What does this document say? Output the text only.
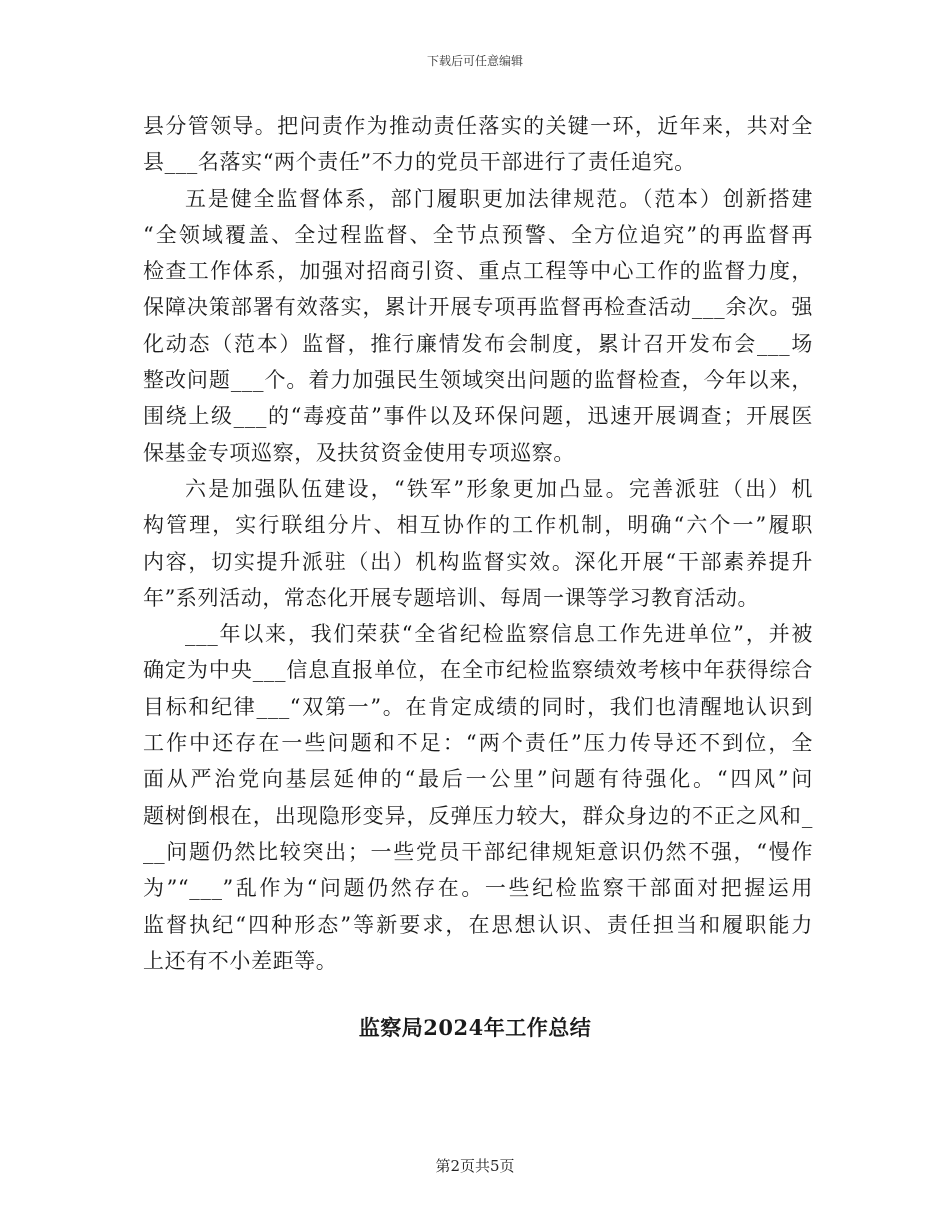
下载后可任意编辑
县分管领导。把问责作为推动责任落实的关键一环，近年来，共对全
县___名落实“两个责任”不力的党员干部进行了责任追究。
五是健全监督体系，部门履职更加法律规范。（范本）创新搭建
“全领域覆盖、全过程监督、全节点预警、全方位追究”的再监督再
检查工作体系，加强对招商引资、重点工程等中心工作的监督力度，
保障决策部署有效落实，累计开展专项再监督再检查活动___余次。强
化动态（范本）监督，推行廉情发布会制度，累计召开发布会___场
整改问题___个。着力加强民生领域突出问题的监督检查，今年以来，
围绕上级___的“毒疫苗”事件以及环保问题，迅速开展调查；开展医
保基金专项巡察，及扶贫资金使用专项巡察。
六是加强队伍建设，“铁军”形象更加凸显。完善派驻（出）机
构管理，实行联组分片、相互协作的工作机制，明确“六个一”履职
内容，切实提升派驻（出）机构监督实效。深化开展“干部素养提升
年”系列活动，常态化开展专题培训、每周一课等学习教育活动。
___年以来，我们荣获“全省纪检监察信息工作先进单位”，并被
确定为中央___信息直报单位，在全市纪检监察绩效考核中年获得综合
目标和纪律___“双第一”。在肯定成绩的同时，我们也清醒地认识到
工作中还存在一些问题和不足：“两个责任”压力传导还不到位，全
面从严治党向基层延伸的“最后一公里”问题有待强化。“四风”问
题树倒根在，出现隐形变异，反弹压力较大，群众身边的不正之风和_
__问题仍然比较突出；一些党员干部纪律规矩意识仍然不强，“慢作
为”“___”乱作为“问题仍然存在。一些纪检监察干部面对把握运用
监督执纪“四种形态”等新要求，在思想认识、责任担当和履职能力
上还有不小差距等。
监察局2024年工作总结
第2页共5页
